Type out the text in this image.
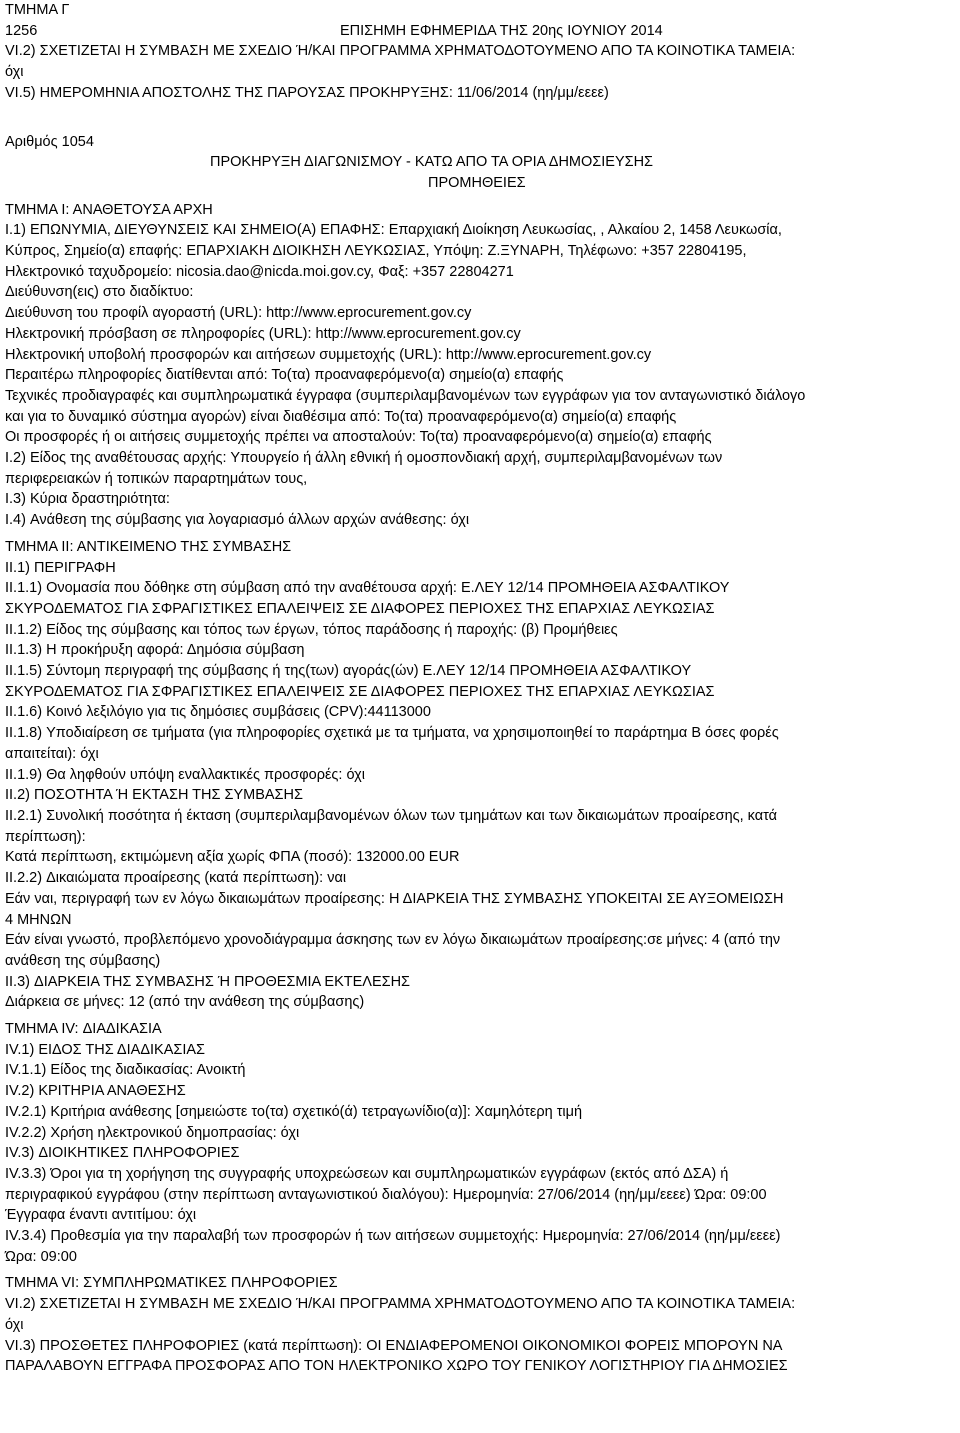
ΤΜΗΜΑ Γ
1256	ΕΠΙΣΗΜΗ ΕΦΗΜΕΡΙΔΑ ΤΗΣ 20ης ΙΟΥΝΙΟΥ 2014
VI.2) ΣΧΕΤΙΖΕΤΑΙ Η ΣΥΜΒΑΣΗ ΜΕ ΣΧΕΔΙΟ Ή/ΚΑΙ ΠΡΟΓΡΑΜΜΑ ΧΡΗΜΑΤΟΔΟΤΟΥΜΕΝΟ ΑΠΟ ΤΑ ΚΟΙΝΟΤΙΚΑ ΤΑΜΕΙΑ:
όχι
VI.5) ΗΜΕΡΟΜΗΝΙΑ ΑΠΟΣΤΟΛΗΣ ΤΗΣ ΠΑΡΟΥΣΑΣ ΠΡΟΚΗΡΥΞΗΣ: 11/06/2014 (ηη/μμ/εεεε)
Αριθμός 1054
ΠΡΟΚΗΡΥΞΗ ΔΙΑΓΩΝΙΣΜΟΥ - ΚΑΤΩ ΑΠΟ ΤΑ ΟΡΙΑ ΔΗΜΟΣΙΕΥΣΗΣ
ΠΡΟΜΗΘΕΙΕΣ
ΤΜΗΜΑ Ι: ΑΝΑΘΕΤΟΥΣΑ ΑΡΧΗ
I.1) ΕΠΩΝΥΜΙΑ, ΔΙΕΥΘΥΝΣΕΙΣ ΚΑΙ ΣΗΜΕΙΟ(Α) ΕΠΑΦΗΣ: Επαρχιακή Διοίκηση Λευκωσίας, , Αλκαίου 2, 1458 Λευκωσία,
Κύπρος, Σημείο(α) επαφής: ΕΠΑΡΧΙΑΚΗ ΔΙΟΙΚΗΣΗ ΛΕΥΚΩΣΙΑΣ, Υπόψη: Ζ.ΞΥΝΑΡΗ, Τηλέφωνο: +357 22804195,
Ηλεκτρονικό ταχυδρομείο: nicosia.dao@nicda.moi.gov.cy, Φαξ: +357 22804271
Διεύθυνση(εις) στο διαδίκτυο:
Διεύθυνση του προφίλ αγοραστή (URL): http://www.eprocurement.gov.cy
Ηλεκτρονική πρόσβαση σε πληροφορίες (URL): http://www.eprocurement.gov.cy
Ηλεκτρονική υποβολή προσφορών και αιτήσεων συμμετοχής (URL): http://www.eprocurement.gov.cy
Περαιτέρω πληροφορίες διατίθενται από: Το(τα) προαναφερόμενο(α) σημείο(α) επαφής
Τεχνικές προδιαγραφές και συμπληρωματικά έγγραφα (συμπεριλαμβανομένων των εγγράφων για τον ανταγωνιστικό διάλογο
και για το δυναμικό σύστημα αγορών) είναι διαθέσιμα από: Το(τα) προαναφερόμενο(α) σημείο(α) επαφής
Οι προσφορές ή οι αιτήσεις συμμετοχής πρέπει να αποσταλούν: Το(τα) προαναφερόμενο(α) σημείο(α) επαφής
I.2) Είδος της αναθέτουσας αρχής: Υπουργείο ή άλλη εθνική ή ομοσπονδιακή αρχή, συμπεριλαμβανομένων των
περιφερειακών ή τοπικών παραρτημάτων τους,
I.3) Κύρια δραστηριότητα:
I.4) Ανάθεση της σύμβασης για λογαριασμό άλλων αρχών ανάθεσης: όχι
ΤΜΗΜΑ ΙΙ: ΑΝΤΙΚΕΙΜΕΝΟ ΤΗΣ ΣΥΜΒΑΣΗΣ
II.1) ΠΕΡΙΓΡΑΦΗ
II.1.1) Ονομασία που δόθηκε στη σύμβαση από την αναθέτουσα αρχή: Ε.ΛΕΥ 12/14 ΠΡΟΜΗΘΕΙΑ ΑΣΦΑΛΤΙΚΟΥ
ΣΚΥΡΟΔΕΜΑΤΟΣ ΓΙΑ ΣΦΡΑΓΙΣΤΙΚΕΣ ΕΠΑΛΕΙΨΕΙΣ ΣΕ ΔΙΑΦΟΡΕΣ ΠΕΡΙΟΧΕΣ ΤΗΣ ΕΠΑΡΧΙΑΣ ΛΕΥΚΩΣΙΑΣ
II.1.2) Είδος της σύμβασης και τόπος των έργων, τόπος παράδοσης ή παροχής: (β) Προμήθειες
II.1.3) Η προκήρυξη αφορά: Δημόσια σύμβαση
II.1.5) Σύντομη περιγραφή της σύμβασης ή της(των) αγοράς(ών) Ε.ΛΕΥ 12/14 ΠΡΟΜΗΘΕΙΑ ΑΣΦΑΛΤΙΚΟΥ
ΣΚΥΡΟΔΕΜΑΤΟΣ ΓΙΑ ΣΦΡΑΓΙΣΤΙΚΕΣ ΕΠΑΛΕΙΨΕΙΣ ΣΕ ΔΙΑΦΟΡΕΣ ΠΕΡΙΟΧΕΣ ΤΗΣ ΕΠΑΡΧΙΑΣ ΛΕΥΚΩΣΙΑΣ
II.1.6) Κοινό λεξιλόγιο για τις δημόσιες συμβάσεις (CPV):44113000
II.1.8) Υποδιαίρεση σε τμήματα (για πληροφορίες σχετικά με τα τμήματα, να χρησιμοποιηθεί το παράρτημα Β όσες φορές
απαιτείται): όχι
II.1.9) Θα ληφθούν υπόψη εναλλακτικές προσφορές: όχι
II.2) ΠΟΣΟΤΗΤΑ Ή ΕΚΤΑΣΗ ΤΗΣ ΣΥΜΒΑΣΗΣ
II.2.1) Συνολική ποσότητα ή έκταση (συμπεριλαμβανομένων όλων των τμημάτων και των δικαιωμάτων προαίρεσης, κατά
περίπτωση):
Κατά περίπτωση, εκτιμώμενη αξία χωρίς ΦΠΑ (ποσό): 132000.00 EUR
II.2.2) Δικαιώματα προαίρεσης (κατά περίπτωση): ναι
Εάν ναι, περιγραφή των εν λόγω δικαιωμάτων προαίρεσης: Η ΔΙΑΡΚΕΙΑ ΤΗΣ ΣΥΜΒΑΣΗΣ ΥΠΟΚΕΙΤΑΙ ΣΕ ΑΥΞΟΜΕΙΩΣΗ
4 ΜΗΝΩΝ
Εάν είναι γνωστό, προβλεπόμενο χρονοδιάγραμμα άσκησης των εν λόγω δικαιωμάτων προαίρεσης:σε μήνες: 4 (από την
ανάθεση της σύμβασης)
II.3) ΔΙΑΡΚΕΙΑ ΤΗΣ ΣΥΜΒΑΣΗΣ Ή ΠΡΟΘΕΣΜΙΑ ΕΚΤΕΛΕΣΗΣ
Διάρκεια σε μήνες: 12 (από την ανάθεση της σύμβασης)
ΤΜΗΜΑ IV: ΔΙΑΔΙΚΑΣΙΑ
IV.1) ΕΙΔΟΣ ΤΗΣ ΔΙΑΔΙΚΑΣΙΑΣ
IV.1.1) Είδος της διαδικασίας: Ανοικτή
IV.2) ΚΡΙΤΗΡΙΑ ΑΝΑΘΕΣΗΣ
IV.2.1) Κριτήρια ανάθεσης [σημειώστε το(τα) σχετικό(ά) τετραγωνίδιο(α)]: Χαμηλότερη τιμή
IV.2.2) Χρήση ηλεκτρονικού δημοπρασίας: όχι
IV.3) ΔΙΟΙΚΗΤΙΚΕΣ ΠΛΗΡΟΦΟΡΙΕΣ
IV.3.3) Όροι για τη χορήγηση της συγγραφής υποχρεώσεων και συμπληρωματικών εγγράφων (εκτός από ΔΣΑ) ή
περιγραφικού εγγράφου (στην περίπτωση ανταγωνιστικού διαλόγου): Ημερομηνία: 27/06/2014 (ηη/μμ/εεεε) Ώρα: 09:00
Έγγραφα έναντι αντιτίμου: όχι
IV.3.4) Προθεσμία για την παραλαβή των προσφορών ή των αιτήσεων συμμετοχής: Ημερομηνία: 27/06/2014 (ηη/μμ/εεεε)
Ώρα: 09:00
ΤΜΗΜΑ VI: ΣΥΜΠΛΗΡΩΜΑΤΙΚΕΣ ΠΛΗΡΟΦΟΡΙΕΣ
VI.2) ΣΧΕΤΙΖΕΤΑΙ Η ΣΥΜΒΑΣΗ ΜΕ ΣΧΕΔΙΟ Ή/ΚΑΙ ΠΡΟΓΡΑΜΜΑ ΧΡΗΜΑΤΟΔΟΤΟΥΜΕΝΟ ΑΠΟ ΤΑ ΚΟΙΝΟΤΙΚΑ ΤΑΜΕΙΑ:
όχι
VI.3) ΠΡΟΣΘΕΤΕΣ ΠΛΗΡΟΦΟΡΙΕΣ (κατά περίπτωση): ΟΙ ΕΝΔΙΑΦΕΡΟΜΕΝΟΙ ΟΙΚΟΝΟΜΙΚΟΙ ΦΟΡΕΙΣ ΜΠΟΡΟΥΝ ΝΑ
ΠΑΡΑΛΑΒΟΥΝ ΕΓΓΡΑΦΑ ΠΡΟΣΦΟΡΑΣ ΑΠΟ ΤΟΝ ΗΛΕΚΤΡΟΝΙΚΟ ΧΩΡΟ ΤΟΥ ΓΕΝΙΚΟΥ ΛΟΓΙΣΤΗΡΙΟΥ ΓΙΑ ΔΗΜΟΣΙΕΣ
